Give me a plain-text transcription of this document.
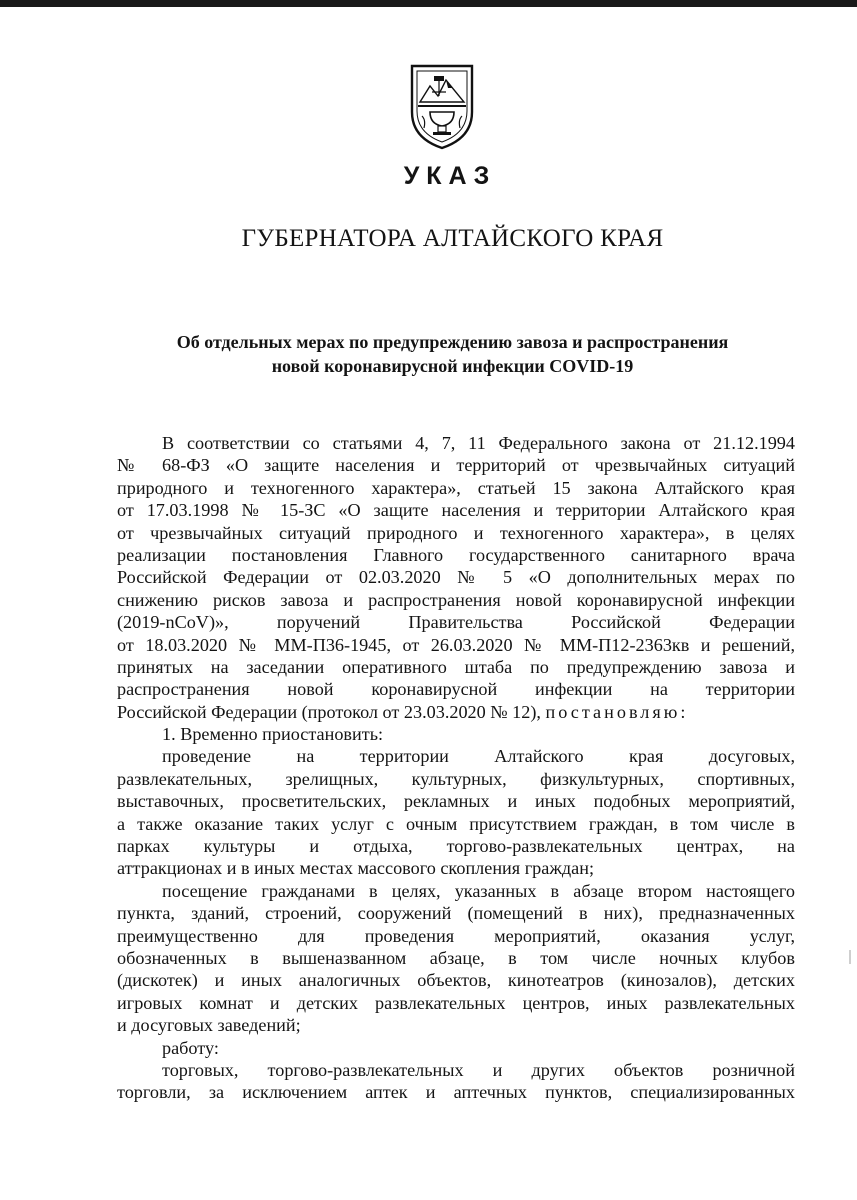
УКАЗ
ГУБЕРНАТОРА АЛТАЙСКОГО КРАЯ
Об отдельных мерах по предупреждению завоза и распространения
новой коронавирусной инфекции COVID-19
В соответствии со статьями 4, 7, 11 Федерального закона от 21.12.1994
№ 68-ФЗ «О защите населения и территорий от чрезвычайных ситуаций
природного и техногенного характера», статьей 15 закона Алтайского края
от 17.03.1998 № 15-ЗС «О защите населения и территории Алтайского края
от чрезвычайных ситуаций природного и техногенного характера», в целях
реализации постановления Главного государственного санитарного врача
Российской Федерации от 02.03.2020 № 5 «О дополнительных мерах по
снижению рисков завоза и распространения новой коронавирусной инфекции
(2019-nCoV)», поручений Правительства Российской Федерации
от 18.03.2020 № ММ-П36-1945, от 26.03.2020 № ММ-П12-2363кв и решений,
принятых на заседании оперативного штаба по предупреждению завоза и
распространения новой коронавирусной инфекции на территории
Российской Федерации (протокол от 23.03.2020 № 12), постановляю:
1. Временно приостановить:
проведение на территории Алтайского края досуговых,
развлекательных, зрелищных, культурных, физкультурных, спортивных,
выставочных, просветительских, рекламных и иных подобных мероприятий,
а также оказание таких услуг с очным присутствием граждан, в том числе в
парках культуры и отдыха, торгово-развлекательных центрах, на
аттракционах и в иных местах массового скопления граждан;
посещение гражданами в целях, указанных в абзаце втором настоящего
пункта, зданий, строений, сооружений (помещений в них), предназначенных
преимущественно для проведения мероприятий, оказания услуг,
обозначенных в вышеназванном абзаце, в том числе ночных клубов
(дискотек) и иных аналогичных объектов, кинотеатров (кинозалов), детских
игровых комнат и детских развлекательных центров, иных развлекательных
и досуговых заведений;
работу:
торговых, торгово-развлекательных и других объектов розничной
торговли, за исключением аптек и аптечных пунктов, специализированных
